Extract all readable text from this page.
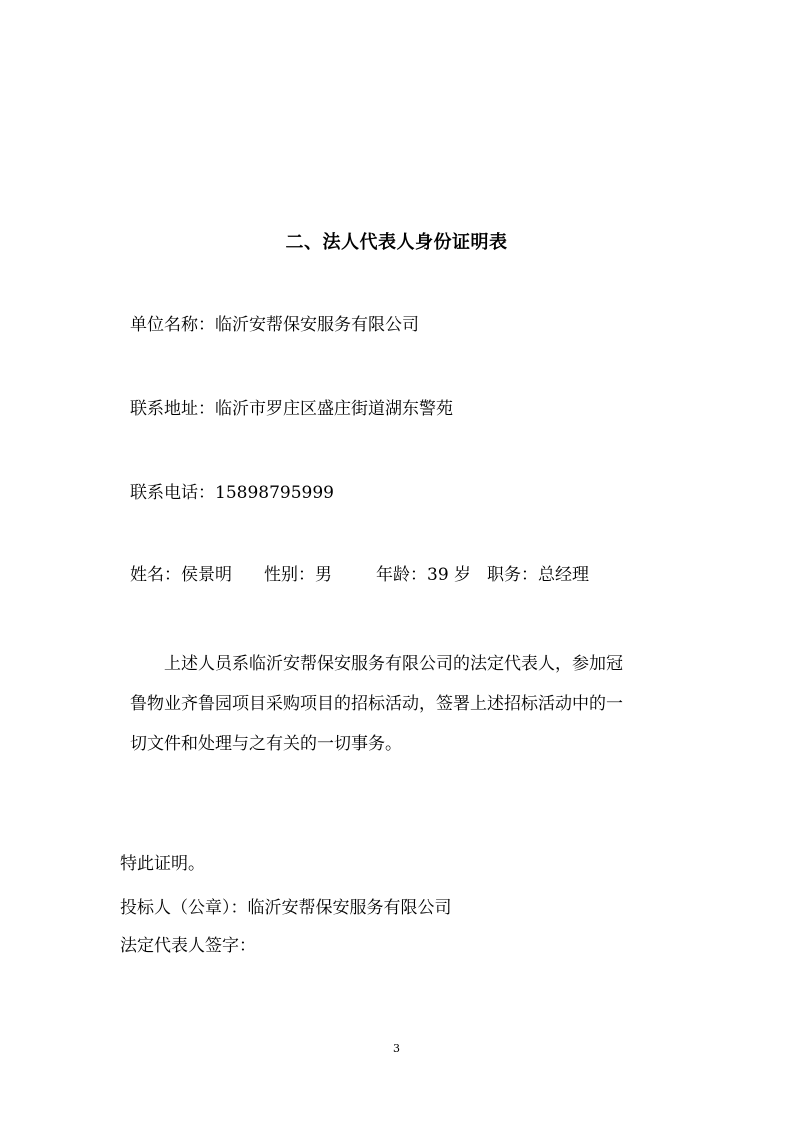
二、法人代表人身份证明表
单位名称：临沂安帮保安服务有限公司
联系地址：临沂市罗庄区盛庄街道湖东警苑
联系电话：15898795999
姓名：侯景明 性别：男	年龄：39 岁 职务：总经理
上述人员系临沂安帮保安服务有限公司的法定代表人，参加冠
鲁物业齐鲁园项目采购项目的招标活动，签署上述招标活动中的一
切文件和处理与之有关的一切事务。
特此证明。
投标人（公章）：临沂安帮保安服务有限公司
法定代表人签字：
3
